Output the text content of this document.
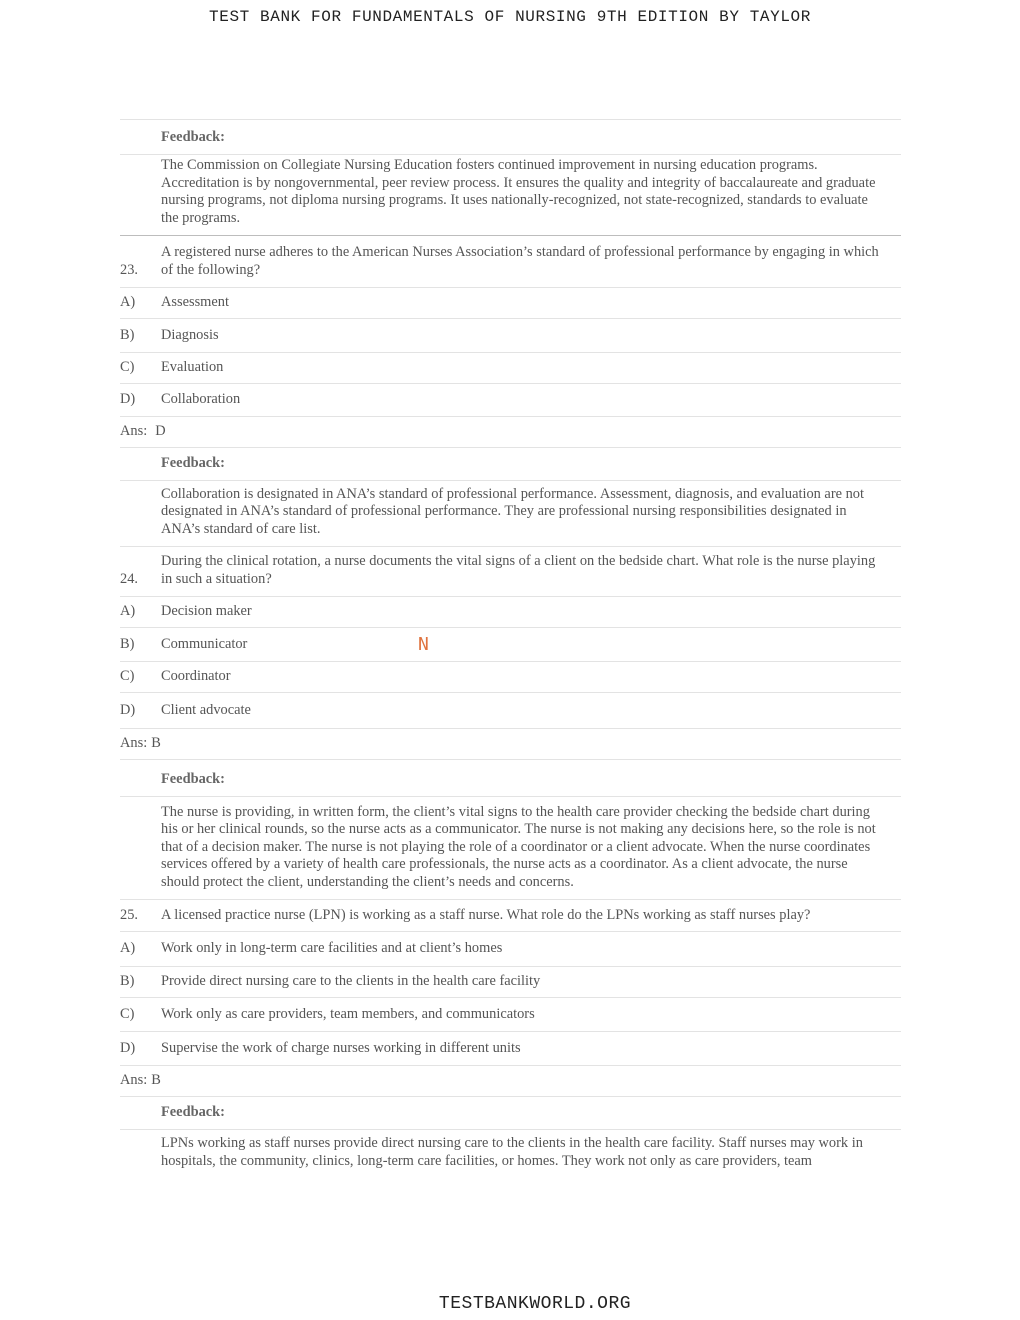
TEST BANK FOR FUNDAMENTALS OF NURSING 9TH EDITION BY TAYLOR
Feedback:
The Commission on Collegiate Nursing Education fosters continued improvement in nursing education programs. Accreditation is by nongovernmental, peer review process. It ensures the quality and integrity of baccalaureate and graduate nursing programs, not diploma nursing programs. It uses nationally-recognized, not state-recognized, standards to evaluate the programs.
23.
A registered nurse adheres to the American Nurses Association’s standard of professional performance by engaging in which of the following?
A)	Assessment
B)	Diagnosis
C)	Evaluation
D)	Collaboration
Ans: D
Feedback:
Collaboration is designated in ANA’s standard of professional performance. Assessment, diagnosis, and evaluation are not designated in ANA’s standard of professional performance. They are professional nursing responsibilities designated in ANA’s standard of care list.
24.
During the clinical rotation, a nurse documents the vital signs of a client on the bedside chart. What role is the nurse playing in such a situation?
A)	Decision maker
B)	Communicator
C)	Coordinator
D)	Client advocate
Ans: B
Feedback:
The nurse is providing, in written form, the client’s vital signs to the health care provider checking the bedside chart during his or her clinical rounds, so the nurse acts as a communicator. The nurse is not making any decisions here, so the role is not that of a decision maker. The nurse is not playing the role of a coordinator or a client advocate. When the nurse coordinates services offered by a variety of health care professionals, the nurse acts as a coordinator. As a client advocate, the nurse should protect the client, understanding the client’s needs and concerns.
25.	A licensed practice nurse (LPN) is working as a staff nurse. What role do the LPNs working as staff nurses play?
A)	Work only in long-term care facilities and at client’s homes
B)	Provide direct nursing care to the clients in the health care facility
C)	Work only as care providers, team members, and communicators
D)	Supervise the work of charge nurses working in different units
Ans: B
Feedback:
LPNs working as staff nurses provide direct nursing care to the clients in the health care facility. Staff nurses may work in hospitals, the community, clinics, long-term care facilities, or homes. They work not only as care providers, team
N
TESTBANKWORLD.ORG
